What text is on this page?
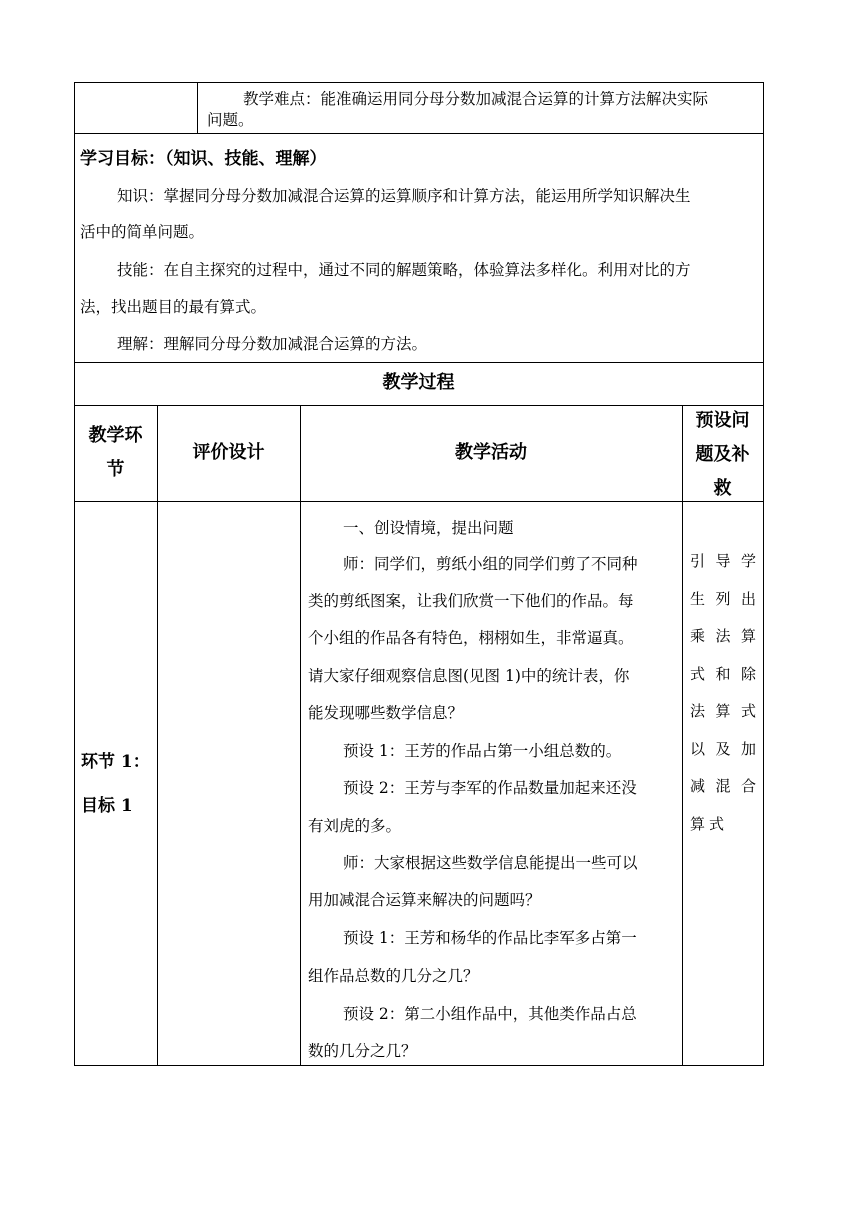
教学难点：能准确运用同分母分数加减混合运算的计算方法解决实际
问题。
学习目标：（知识、技能、理解）
知识：掌握同分母分数加减混合运算的运算顺序和计算方法，能运用所学知识解决生
活中的简单问题。
技能：在自主探究的过程中，通过不同的解题策略，体验算法多样化。利用对比的方
法，找出题目的最有算式。
理解：理解同分母分数加减混合运算的方法。
教学过程
教学环
节
评价设计	教学活动
预设问
题及补
救
环节 1：
目标 1
一、创设情境，提出问题
师：同学们，剪纸小组的同学们剪了不同种
类的剪纸图案，让我们欣赏一下他们的作品。每
个小组的作品各有特色，栩栩如生，非常逼真。
请大家仔细观察信息图(见图 1)中的统计表，你
能发现哪些数学信息？
预设 1：王芳的作品占第一小组总数的。
预设 2：王芳与李军的作品数量加起来还没
有刘虎的多。
师：大家根据这些数学信息能提出一些可以
用加减混合运算来解决的问题吗？
预设 1：王芳和杨华的作品比李军多占第一
组作品总数的几分之几？
预设 2：第二小组作品中，其他类作品占总
数的几分之几？
引导学
生列出
乘法算
式和除
法算式
以及加
减混合
算式
